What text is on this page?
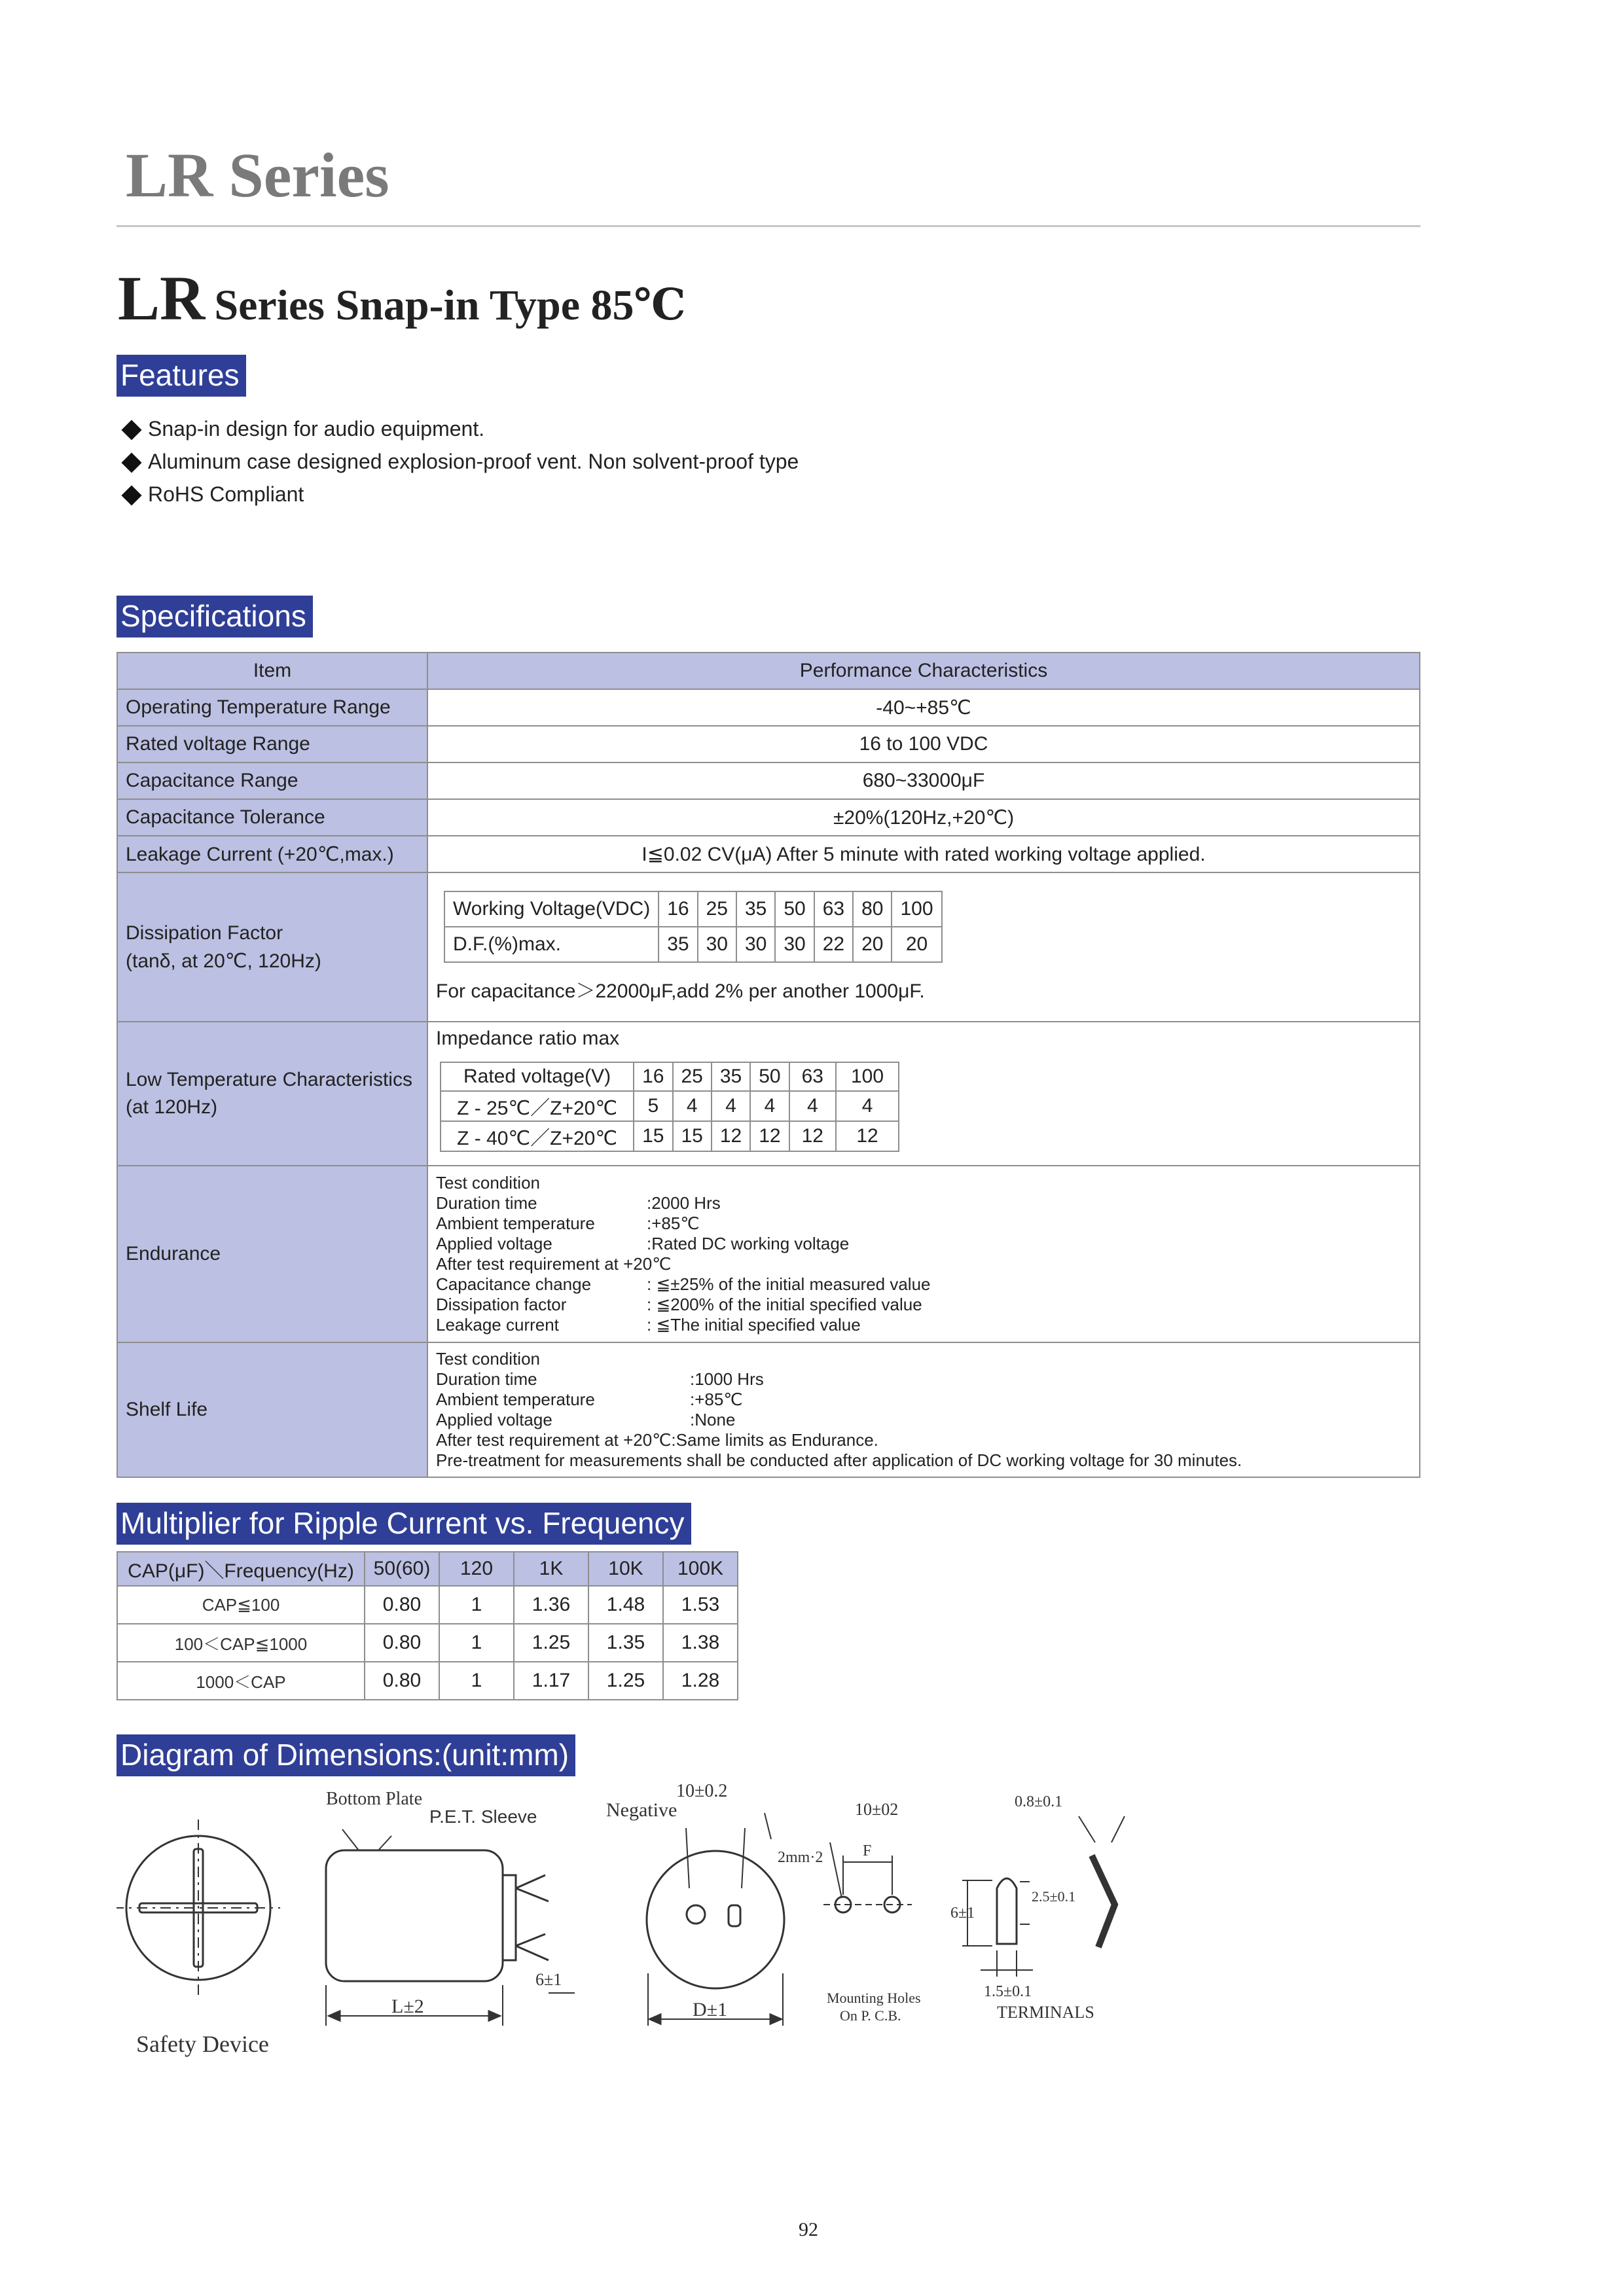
LR Series
LR Series Snap-in Type 85℃
Features
Snap-in design for audio equipment.
Aluminum case designed explosion-proof vent. Non solvent-proof type
RoHS Compliant
Specifications
Item	Performance Characteristics
Operating Temperature Range	-40~+85℃
Rated voltage Range	16 to 100 VDC
Capacitance Range	680~33000μF
Capacitance Tolerance	±20%(120Hz,+20℃)
Leakage Current (+20℃,max.)	I≦0.02 CV(μA) After 5 minute with rated working voltage applied.

Dissipation Factor
(tanδ, at 20℃, 120Hz)

Working Voltage(VDC)	16	25	35	50	63	80	100
D.F.(%)max.	35	30	30	30	22	20	20
For capacitance＞22000μF,add 2% per another 1000μF.

Low Temperature Characteristics
(at 120Hz)

Impedance ratio max
Rated voltage(V)	16	25	35	50	63	100
Z - 25℃／Z+20℃	5	4	4	4	4	4
Z - 40℃／Z+20℃	15	15	12	12	12	12

Endurance	
Test condition
Duration time	:2000 Hrs
Ambient temperature	:+85℃
Applied voltage	:Rated DC working voltage
After test requirement at +20℃
Capacitance change	: ≦±25% of the initial measured value
Dissipation factor	: ≦200% of the initial specified value
Leakage current	: ≦The initial specified value

Shelf Life	
Test condition
Duration time	:1000 Hrs
Ambient temperature	:+85℃
Applied voltage	:None
After test requirement at +20℃:Same limits as Endurance.
Pre-treatment for measurements shall be conducted after application of DC working voltage for 30 minutes.
Multiplier for Ripple Current vs. Frequency
CAP(μF)＼Frequency(Hz)	50(60)	120	1K	10K	100K
CAP≦100	0.80	1	1.36	1.48	1.53
100＜CAP≦1000	0.80	1	1.25	1.35	1.38
1000＜CAP	0.80	1	1.17	1.25	1.28
Diagram of Dimensions:(unit:mm)
Safety Device
Bottom Plate
P.E.T. Sleeve
L±2
6±1
Negative
10±0.2
D±1
10±02
2mm·2	F
Mounting Holes
On P. C.B.
6±1
2.5±0.1
0.8±0.1
1.5±0.1
TERMINALS
92
